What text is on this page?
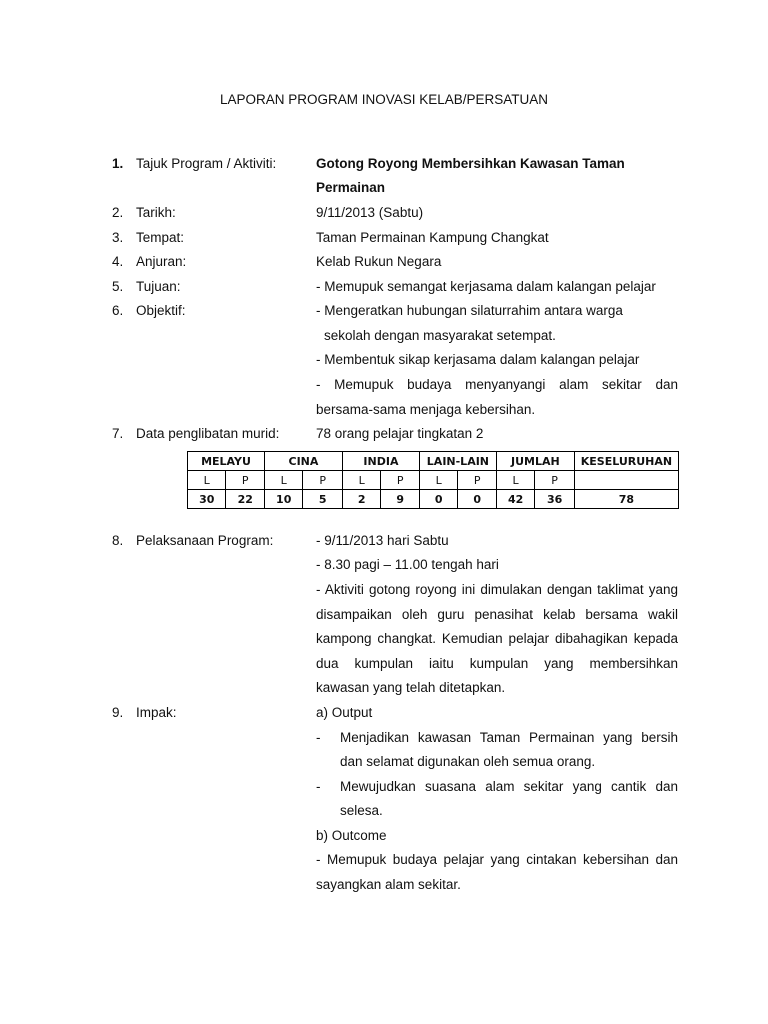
LAPORAN PROGRAM INOVASI KELAB/PERSATUAN
1. Tajuk Program / Aktiviti:	Gotong Royong Membersihkan Kawasan Taman
Permainan
2. Tarikh:	9/11/2013 (Sabtu)
3. Tempat:	Taman Permainan Kampung Changkat
4. Anjuran:	Kelab Rukun Negara
5. Tujuan:	- Memupuk semangat kerjasama dalam kalangan pelajar
6. Objektif:	- Mengeratkan hubungan silaturrahim antara warga
sekolah dengan masyarakat setempat.
- Membentuk sikap kerjasama dalam kalangan pelajar
- Memupuk budaya menyanyangi alam sekitar dan
bersama-sama menjaga kebersihan.
7. Data penglibatan murid:	78 orang pelajar tingkatan 2
MELAYU		CINA		INDIA		LAIN-LAIN		JUMLAH		KESELURUHAN
L	P	L	P	L	P	L	P	L	P	
30	22	10	5	2	9	0	0	42	36	78
8. Pelaksanaan Program:	- 9/11/2013 hari Sabtu
- 8.30 pagi – 11.00 tengah hari
- Aktiviti gotong royong ini dimulakan dengan taklimat yang
disampaikan oleh guru penasihat kelab bersama wakil
kampong changkat. Kemudian pelajar dibahagikan kepada
dua kumpulan iaitu kumpulan yang membersihkan
kawasan yang telah ditetapkan.
9. Impak:	a) Output
- Menjadikan kawasan Taman Permainan yang bersih
dan selamat digunakan oleh semua orang.
- Mewujudkan suasana alam sekitar yang cantik dan
selesa.
b) Outcome
- Memupuk budaya pelajar yang cintakan kebersihan dan
sayangkan alam sekitar.
